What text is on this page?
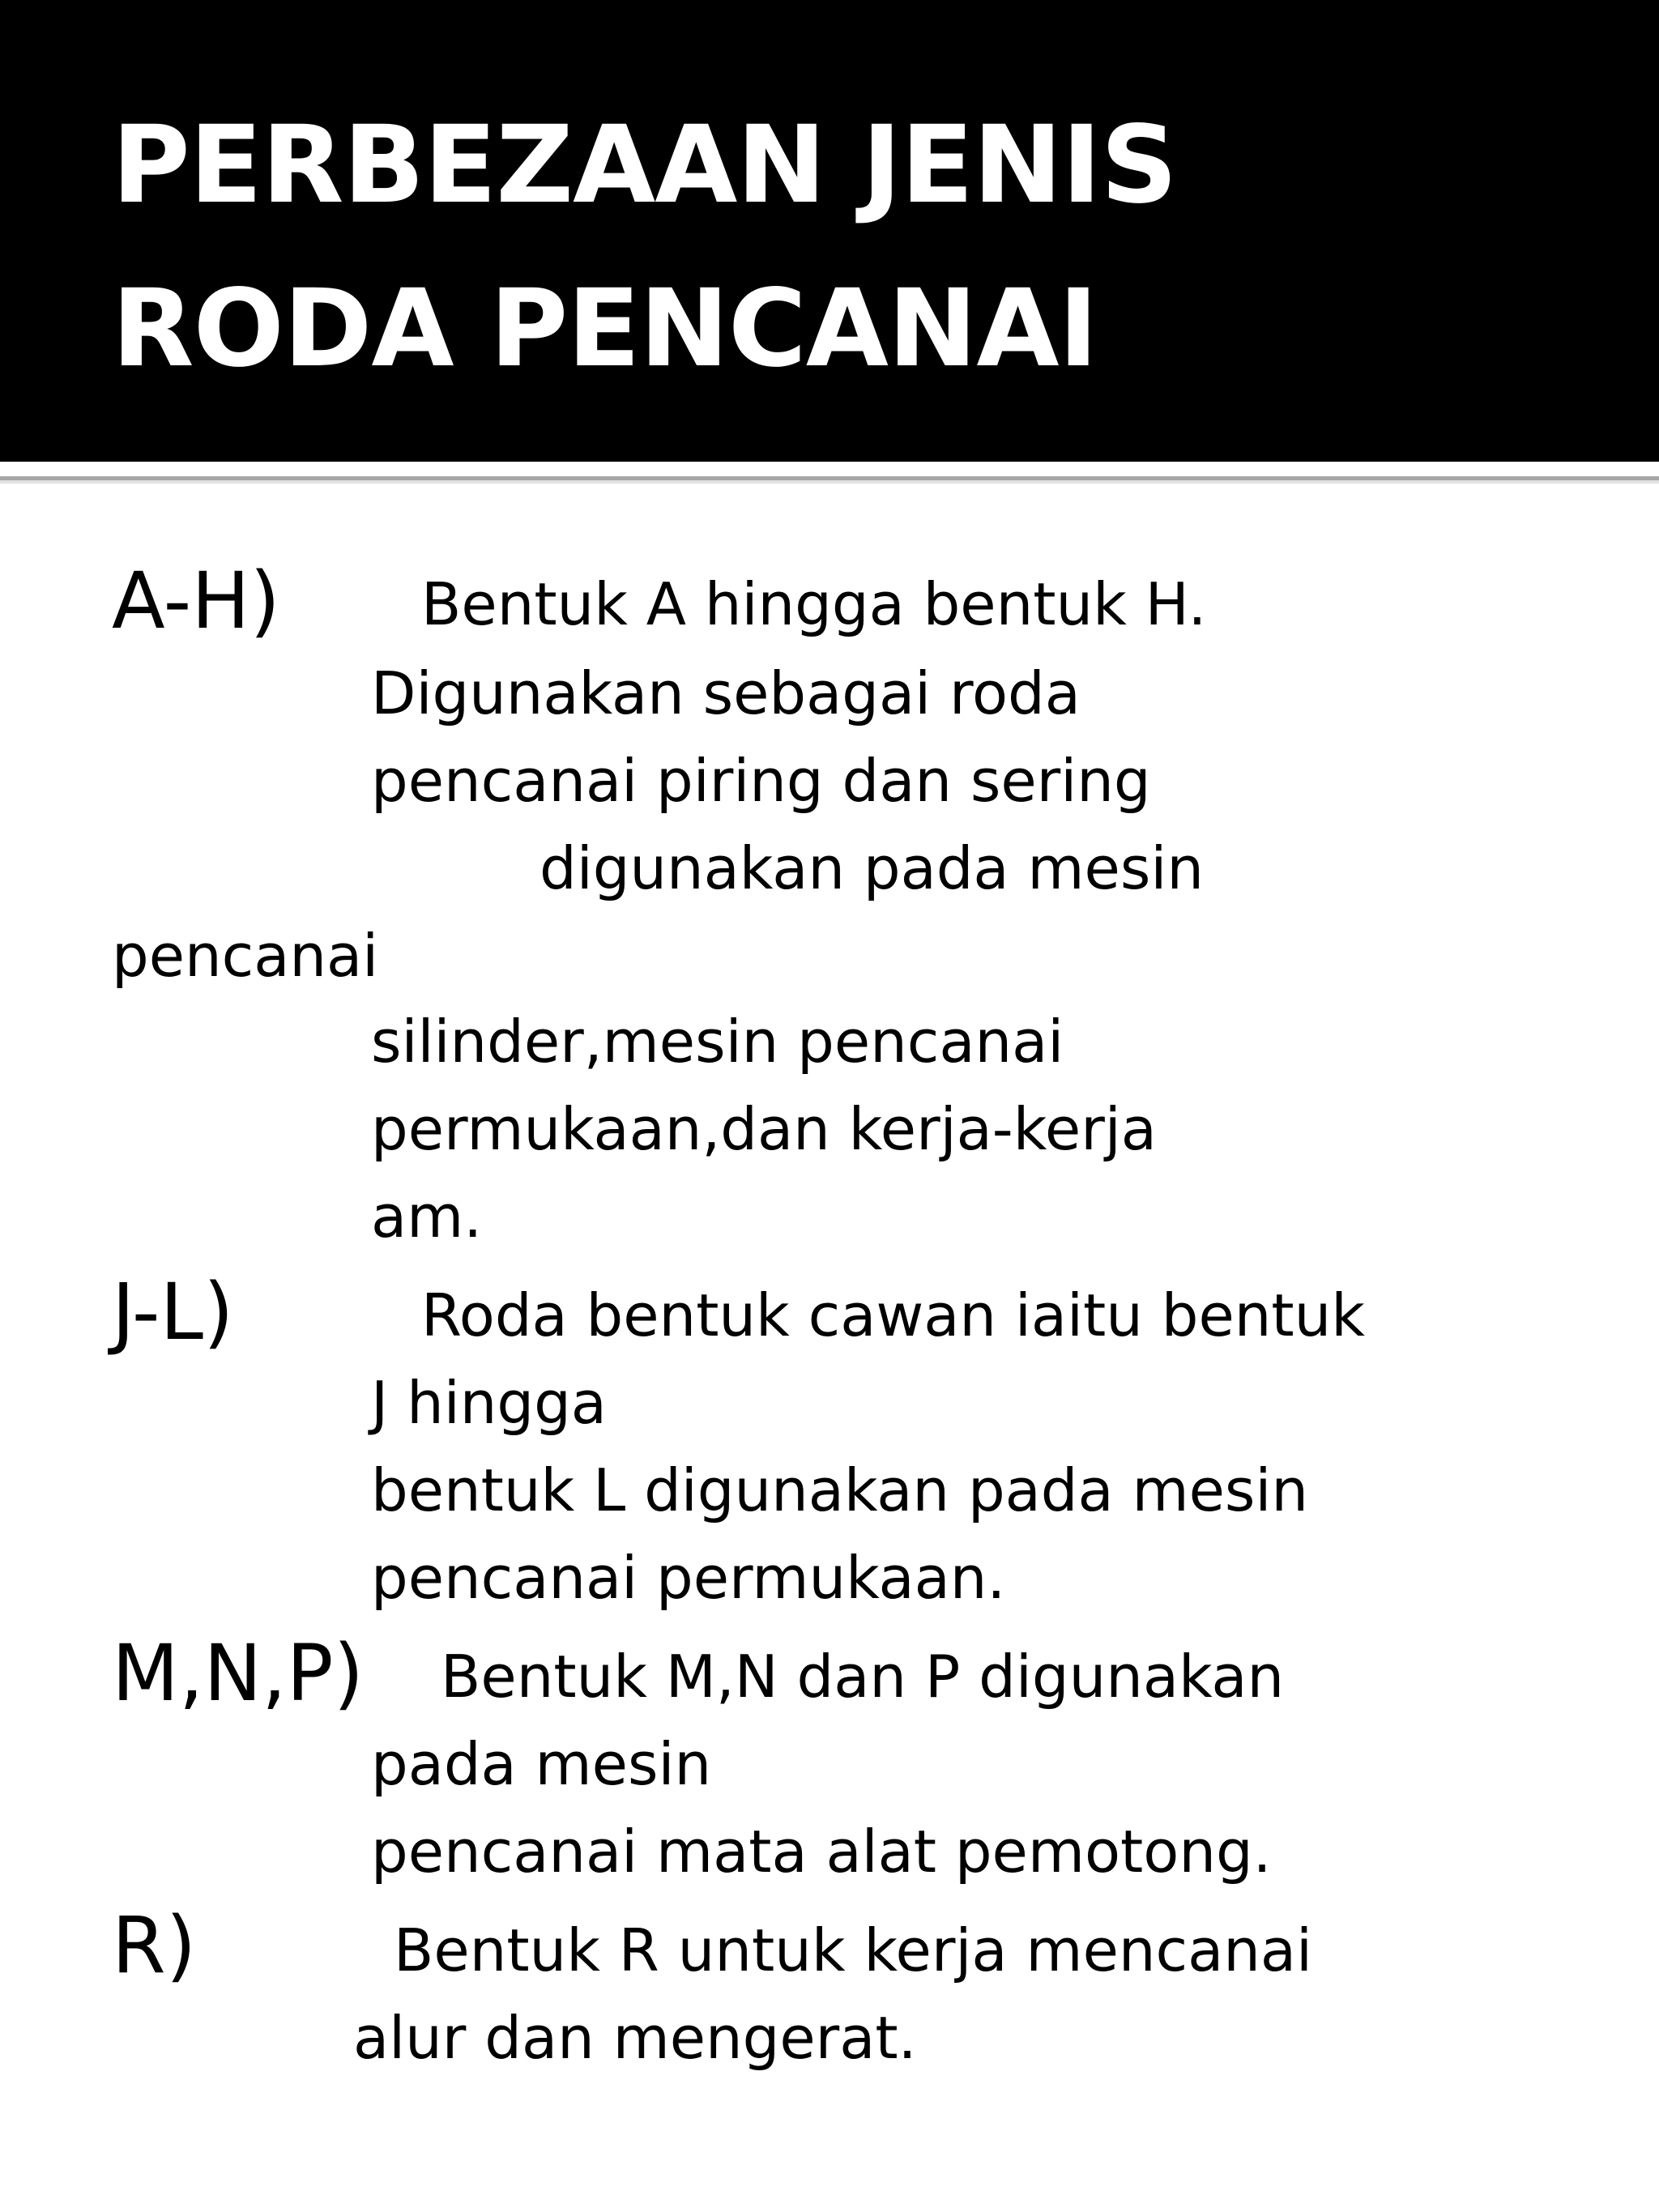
PERBEZAAN JENIS
RODA PENCANAI
A-H) Bentuk A hingga bentuk H.
Digunakan sebagai roda
pencanai piring dan sering
digunakan pada mesin
pencanai
silinder,mesin pencanai
permukaan,dan kerja-kerja
am.
J-L)	Roda bentuk cawan iaitu bentuk
J hingga
bentuk L digunakan pada mesin
pencanai permukaan.
M,N,P) Bentuk M,N dan P digunakan
pada mesin
pencanai mata alat pemotong.
R)	Bentuk R untuk kerja mencanai
alur dan mengerat.
